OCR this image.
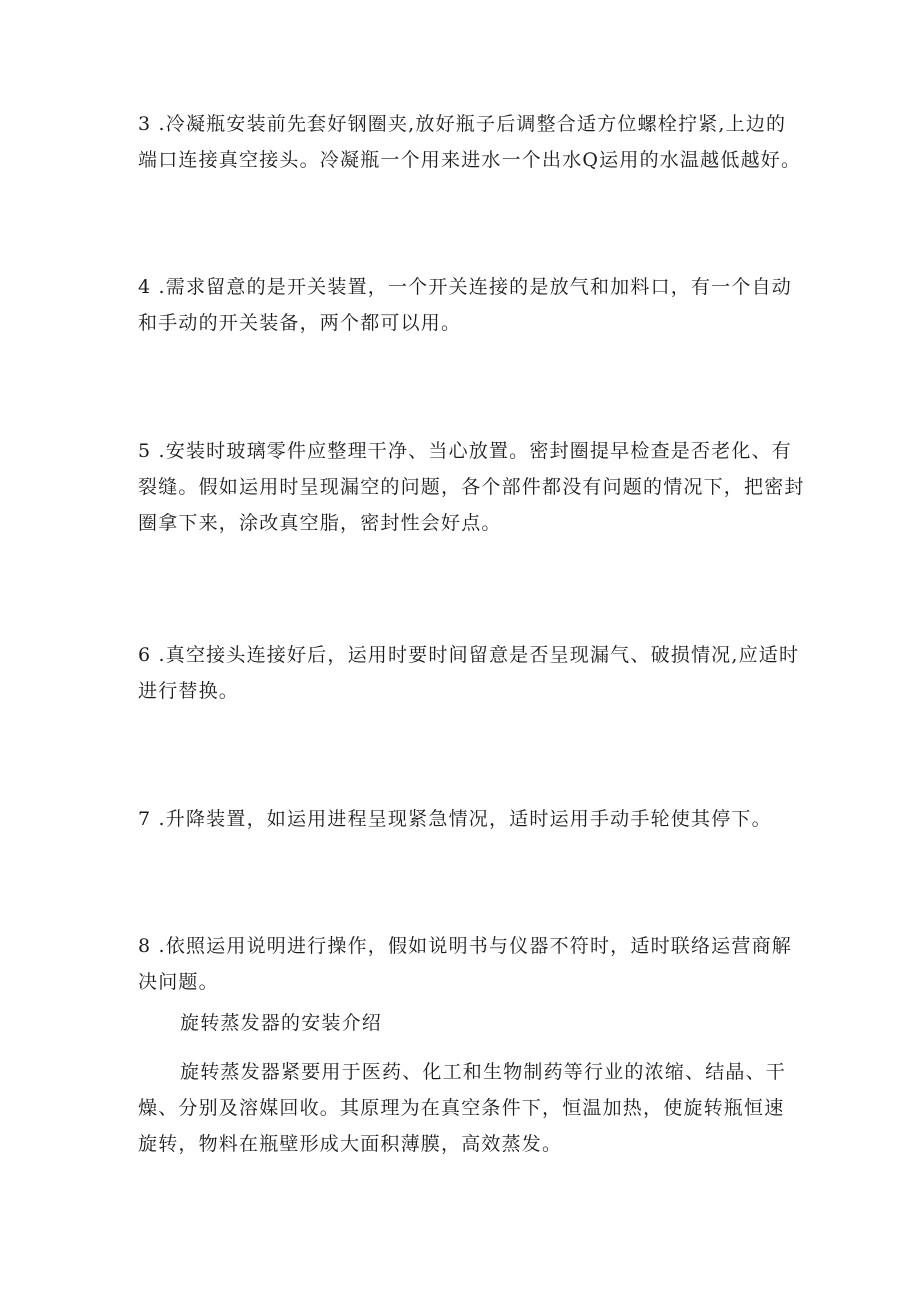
3 .冷凝瓶安装前先套好钢圈夹,放好瓶子后调整合适方位螺栓拧紧,上边的
端口连接真空接头。冷凝瓶一个用来进水一个出水Q运用的水温越低越好。

4 .需求留意的是开关装置，一个开关连接的是放气和加料口，有一个自动
和手动的开关装备，两个都可以用。

5 .安装时玻璃零件应整理干净、当心放置。密封圈提早检查是否老化、有
裂缝。假如运用时呈现漏空的问题，各个部件都没有问题的情况下，把密封
圈拿下来，涂改真空脂，密封性会好点。

6 .真空接头连接好后，运用时要时间留意是否呈现漏气、破损情况,应适时
进行替换。

7 .升降装置，如运用进程呈现紧急情况，适时运用手动手轮使其停下。

8 .依照运用说明进行操作，假如说明书与仪器不符时，适时联络运营商解
决问题。

旋转蒸发器的安装介绍

旋转蒸发器紧要用于医药、化工和生物制药等行业的浓缩、结晶、干
燥、分别及溶媒回收。其原理为在真空条件下，恒温加热，使旋转瓶恒速
旋转，物料在瓶壁形成大面积薄膜，高效蒸发。
